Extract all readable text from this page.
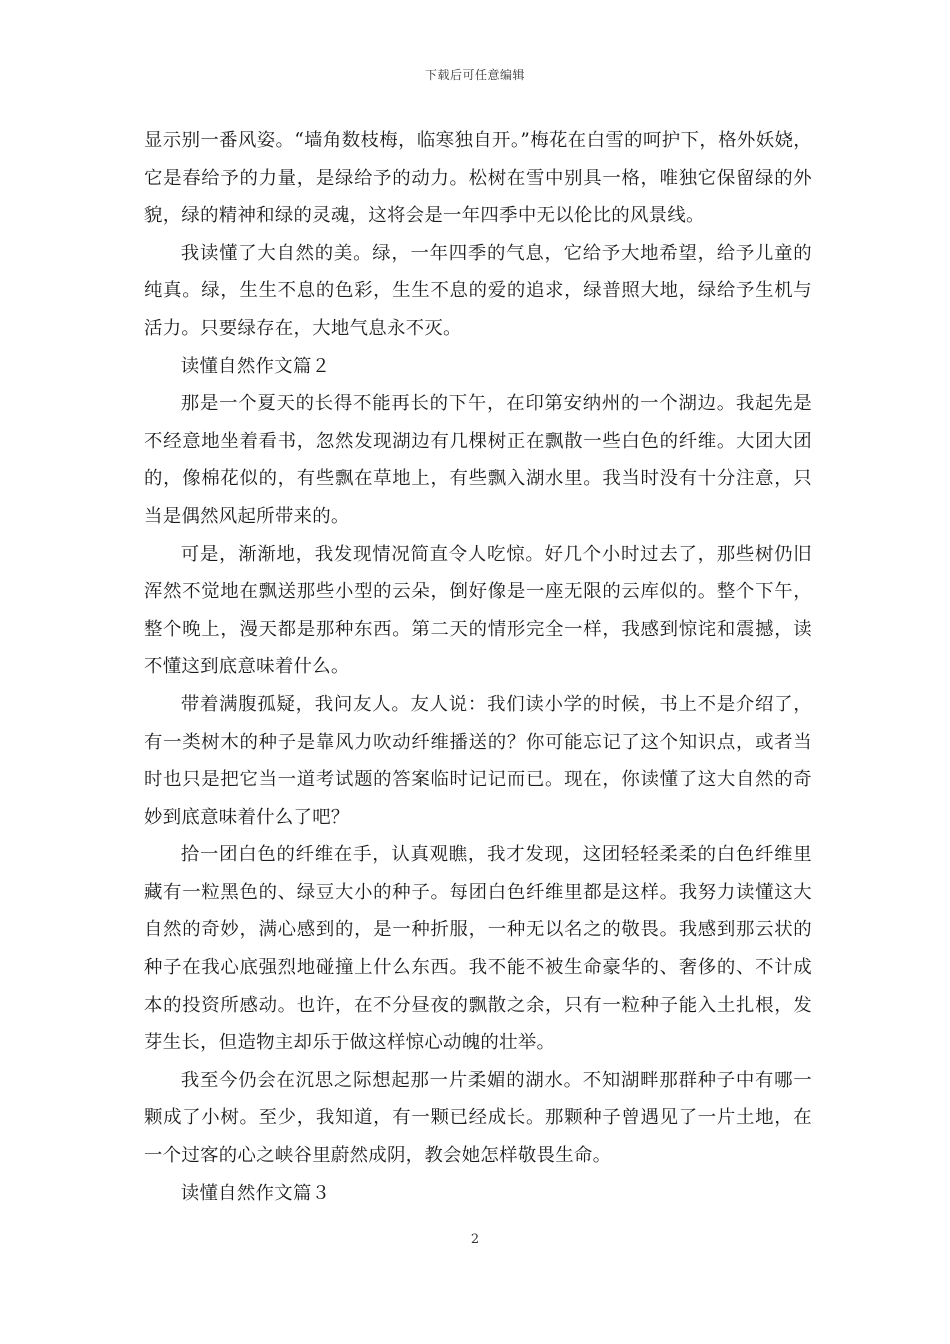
下载后可任意编辑

显示别一番风姿。“墙角数枝梅，临寒独自开。”梅花在白雪的呵护下，格外妖娆，它是春给予的力量，是绿给予的动力。松树在雪中别具一格，唯独它保留绿的外貌，绿的精神和绿的灵魂，这将会是一年四季中无以伦比的风景线。

我读懂了大自然的美。绿，一年四季的气息，它给予大地希望，给予儿童的纯真。绿，生生不息的色彩，生生不息的爱的追求，绿普照大地，绿给予生机与活力。只要绿存在，大地气息永不灭。

读懂自然作文篇２

那是一个夏天的长得不能再长的下午，在印第安纳州的一个湖边。我起先是不经意地坐着看书，忽然发现湖边有几棵树正在飘散一些白色的纤维。大团大团的，像棉花似的，有些飘在草地上，有些飘入湖水里。我当时没有十分注意，只当是偶然风起所带来的。

可是，渐渐地，我发现情况简直令人吃惊。好几个小时过去了，那些树仍旧浑然不觉地在飘送那些小型的云朵，倒好像是一座无限的云库似的。整个下午，整个晚上，漫天都是那种东西。第二天的情形完全一样，我感到惊诧和震撼，读不懂这到底意味着什么。

带着满腹孤疑，我问友人。友人说：我们读小学的时候，书上不是介绍了，有一类树木的种子是靠风力吹动纤维播送的？你可能忘记了这个知识点，或者当时也只是把它当一道考试题的答案临时记记而已。现在，你读懂了这大自然的奇妙到底意味着什么了吧？

拾一团白色的纤维在手，认真观瞧，我才发现，这团轻轻柔柔的白色纤维里藏有一粒黑色的、绿豆大小的种子。每团白色纤维里都是这样。我努力读懂这大自然的奇妙，满心感到的，是一种折服，一种无以名之的敬畏。我感到那云状的种子在我心底强烈地碰撞上什么东西。我不能不被生命豪华的、奢侈的、不计成本的投资所感动。也许，在不分昼夜的飘散之余，只有一粒种子能入土扎根，发芽生长，但造物主却乐于做这样惊心动魄的壮举。

我至今仍会在沉思之际想起那一片柔媚的湖水。不知湖畔那群种子中有哪一颗成了小树。至少，我知道，有一颗已经成长。那颗种子曾遇见了一片土地，在一个过客的心之峡谷里蔚然成阴，教会她怎样敬畏生命。

读懂自然作文篇３

2
